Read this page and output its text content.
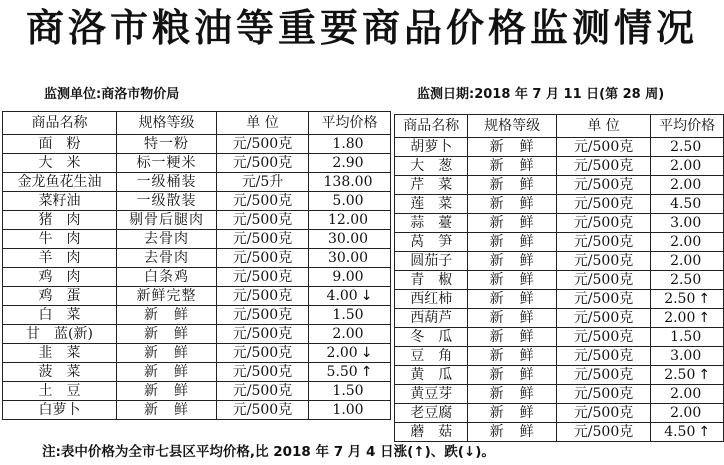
商洛市粮油等重要商品价格监测情况
监测单位:商洛市物价局	监测日期:2018 年 7 月 11 日(第 28 周)
商品名称	规格等级	单 位	平均价格
面　粉	特一粉	元/500克	1.80
大　米	标一粳米	元/500克	2.90
金龙鱼花生油	一级桶装	元/5升	138.00
菜籽油	一级散装	元/500克	5.00
猪　肉	剔骨后腿肉	元/500克	12.00
牛　肉	去骨肉	元/500克	30.00
羊　肉	去骨肉	元/500克	30.00
鸡　肉	白条鸡	元/500克	9.00
鸡　蛋	新鲜完整	元/500克	4.00 ↓
白　菜	新　鲜	元/500克	1.50
甘　蓝(新)	新　鲜	元/500克	2.00
韭　菜	新　鲜	元/500克	2.00 ↓
菠　菜	新　鲜	元/500克	5.50 ↑
土　豆	新　鲜	元/500克	1.50
白萝卜	新　鲜	元/500克	1.00
商品名称	规格等级	单 位	平均价格
胡萝卜	新　鲜	元/500克	2.50
大　葱	新　鲜	元/500克	2.00
芹　菜	新　鲜	元/500克	2.00
莲　菜	新　鲜	元/500克	4.50
蒜　薹	新　鲜	元/500克	3.00
莴　笋	新　鲜	元/500克	2.00
圆茄子	新　鲜	元/500克	2.00
青　椒	新　鲜	元/500克	2.50
西红柿	新　鲜	元/500克	2.50 ↑
西葫芦	新　鲜	元/500克	2.00 ↑
冬　瓜	新　鲜	元/500克	1.50
豆　角	新　鲜	元/500克	3.00
黄　瓜	新　鲜	元/500克	2.50 ↑
黄豆芽	新　鲜	元/500克	2.00
老豆腐	新　鲜	元/500克	2.00
蘑　菇	新　鲜	元/500克	4.50 ↑
注:表中价格为全市七县区平均价格,比 2018 年 7 月 4 日涨(↑)、跌(↓)。
